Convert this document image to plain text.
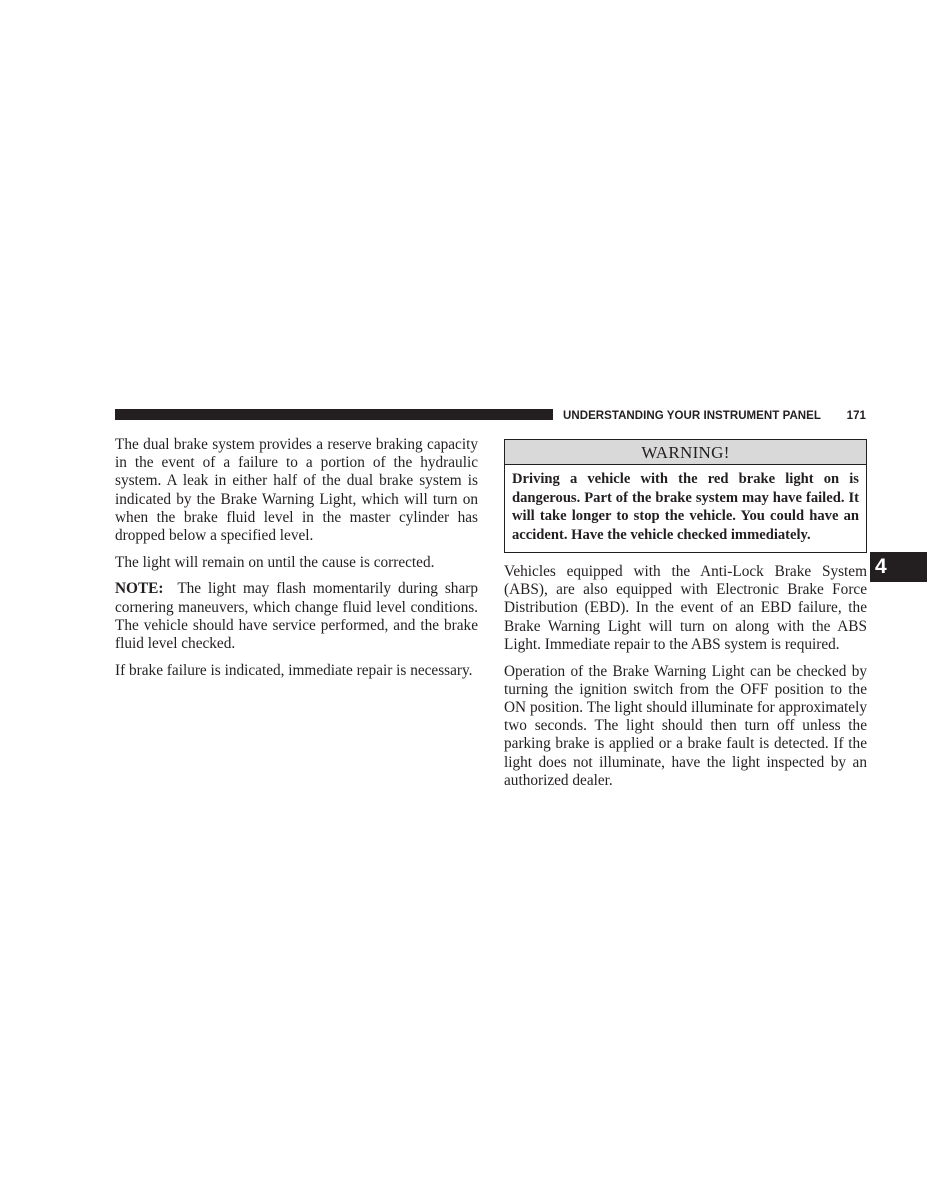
UNDERSTANDING YOUR INSTRUMENT PANEL 171

The dual brake system provides a reserve braking capacity in the event of a failure to a portion of the hydraulic system. A leak in either half of the dual brake system is indicated by the Brake Warning Light, which will turn on when the brake fluid level in the master cylinder has dropped below a specified level.

The light will remain on until the cause is corrected.

NOTE: The light may flash momentarily during sharp cornering maneuvers, which change fluid level conditions. The vehicle should have service performed, and the brake fluid level checked.

If brake failure is indicated, immediate repair is necessary.

WARNING!
Driving a vehicle with the red brake light on is dangerous. Part of the brake system may have failed. It will take longer to stop the vehicle. You could have an accident. Have the vehicle checked immediately.

Vehicles equipped with the Anti-Lock Brake System (ABS), are also equipped with Electronic Brake Force Distribution (EBD). In the event of an EBD failure, the Brake Warning Light will turn on along with the ABS Light. Immediate repair to the ABS system is required.

Operation of the Brake Warning Light can be checked by turning the ignition switch from the OFF position to the ON position. The light should illuminate for approximately two seconds. The light should then turn off unless the parking brake is applied or a brake fault is detected. If the light does not illuminate, have the light inspected by an authorized dealer.

4
